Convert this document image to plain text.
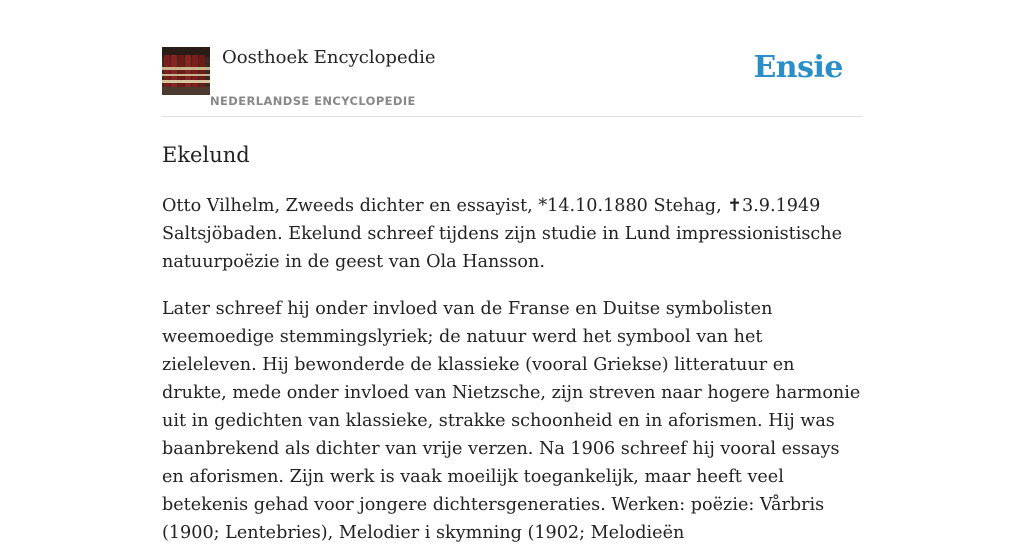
Oosthoek Encyclopedie
NEDERLANDSE ENCYCLOPEDIE
Ensie
Ekelund

Otto Vilhelm, Zweeds dichter en essayist, *14.10.1880 Stehag, ✝3.9.1949 Saltsjöbaden. Ekelund schreef tijdens zijn studie in Lund impressionistische natuurpoëzie in de geest van Ola Hansson.

Later schreef hij onder invloed van de Franse en Duitse symbolisten weemoedige stemmingslyriek; de natuur werd het symbool van het zieleleven. Hij bewonderde de klassieke (vooral Griekse) litteratuur en drukte, mede onder invloed van Nietzsche, zijn streven naar hogere harmonie uit in gedichten van klassieke, strakke schoonheid en in aforismen. Hij was baanbrekend als dichter van vrije verzen. Na 1906 schreef hij vooral essays en aforismen. Zijn werk is vaak moeilijk toegankelijk, maar heeft veel betekenis gehad voor jongere dichtersgeneraties. Werken: poëzie: Vårbris (1900; Lentebries), Melodier i skymning (1902; Melodieën
